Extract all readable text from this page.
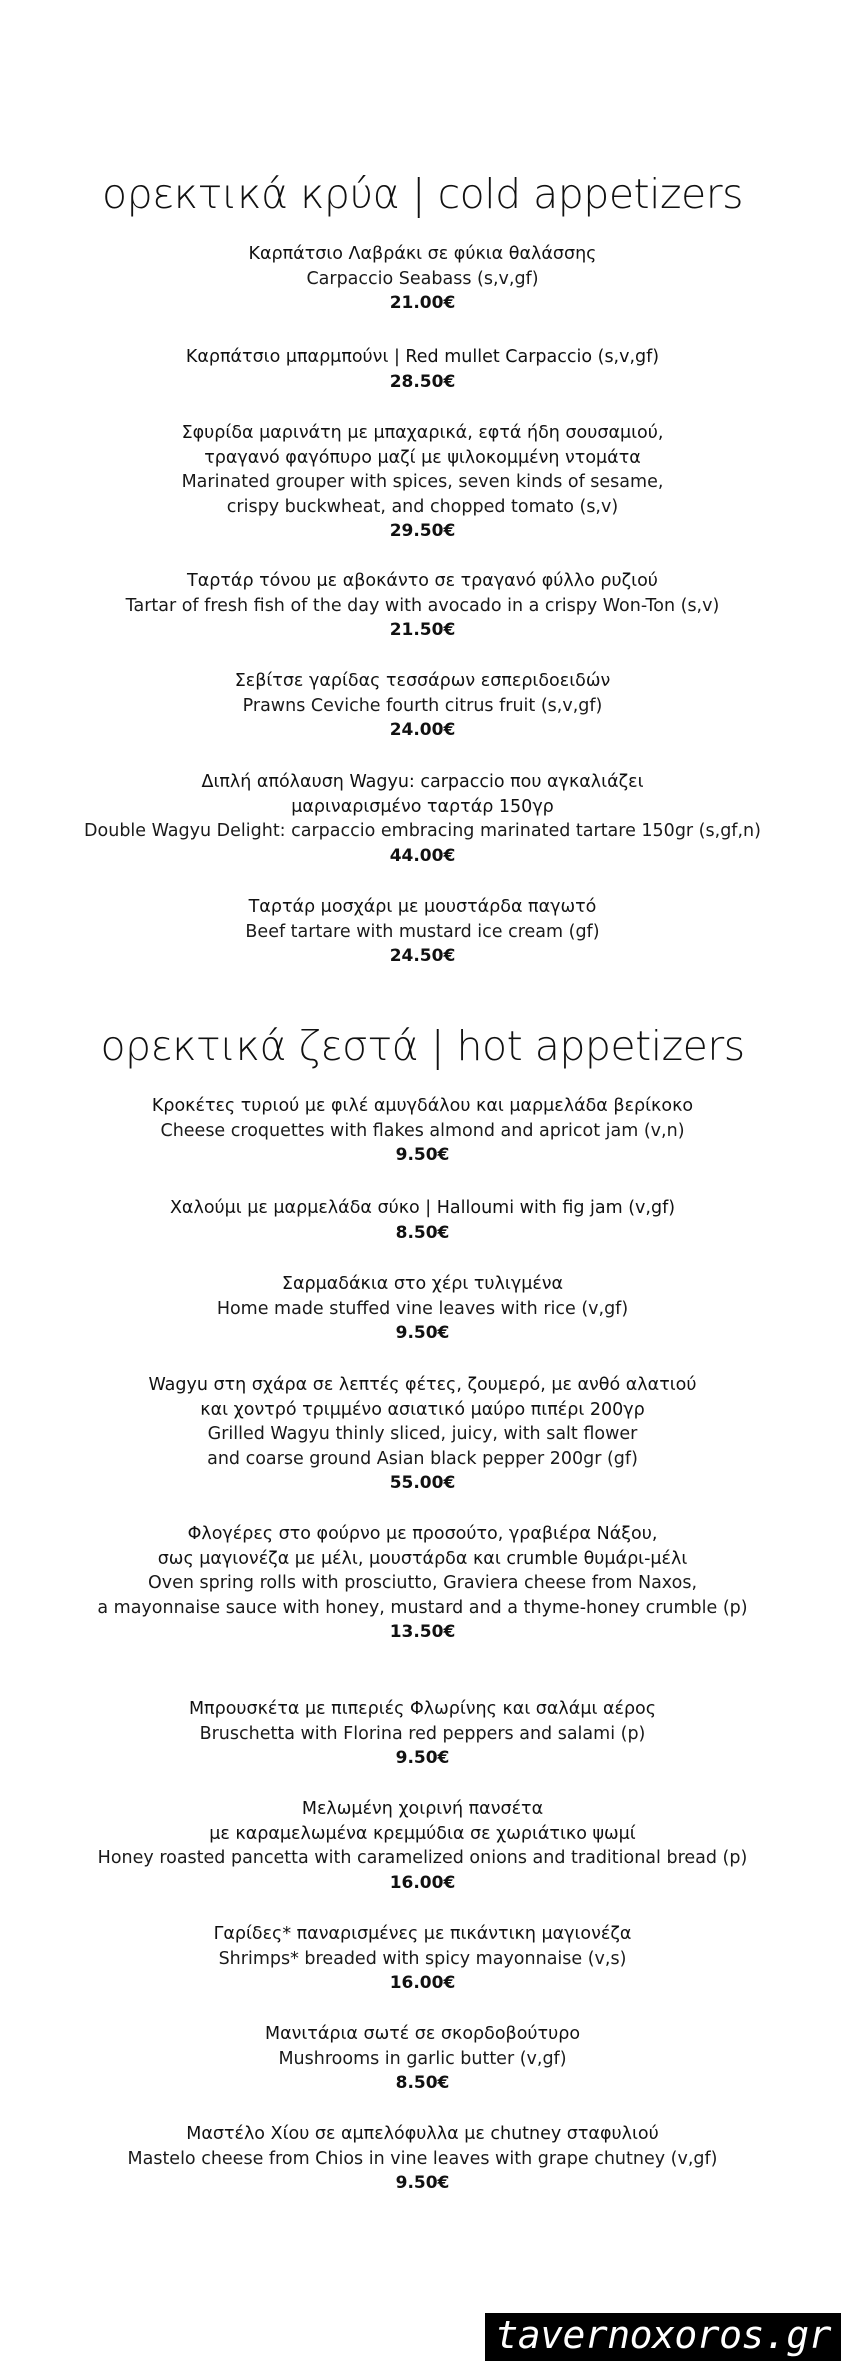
ορεκτικά κρύα | cold appetizers
Καρπάτσιο Λαβράκι σε φύκια θαλάσσης
Carpaccio Seabass (s,v,gf)
21.00€
Καρπάτσιο μπαρμπούνι | Red mullet Carpaccio (s,v,gf)
28.50€
Σφυρίδα μαρινάτη με μπαχαρικά, εφτά ήδη σουσαμιού,
τραγανό φαγόπυρο μαζί με ψιλοκομμένη ντομάτα
Marinated grouper with spices, seven kinds of sesame,
crispy buckwheat, and chopped tomato (s,v)
29.50€
Ταρτάρ τόνου με αβοκάντο σε τραγανό φύλλο ρυζιού
Tartar of fresh fish of the day with avocado in a crispy Won-Ton (s,v)
21.50€
Σεβίτσε γαρίδας τεσσάρων εσπεριδοειδών
Prawns Ceviche fourth citrus fruit (s,v,gf)
24.00€
Διπλή απόλαυση Wagyu: carpaccio που αγκαλιάζει
μαριναρισμένο ταρτάρ 150γρ
Double Wagyu Delight: carpaccio embracing marinated tartare 150gr (s,gf,n)
44.00€
Ταρτάρ μοσχάρι με μουστάρδα παγωτό
Beef tartare with mustard ice cream (gf)
24.50€
ορεκτικά ζεστά | hot appetizers
Κροκέτες τυριού με φιλέ αμυγδάλου και μαρμελάδα βερίκοκο
Cheese croquettes with flakes almond and apricot jam (v,n)
9.50€
Χαλούμι με μαρμελάδα σύκο | Halloumi with fig jam (v,gf)
8.50€
Σαρμαδάκια στο χέρι τυλιγμένα
Home made stuffed vine leaves with rice (v,gf)
9.50€
Wagyu στη σχάρα σε λεπτές φέτες, ζουμερό, με ανθό αλατιού
και χοντρό τριμμένο ασιατικό μαύρο πιπέρι 200γρ
Grilled Wagyu thinly sliced, juicy, with salt flower
and coarse ground Asian black pepper 200gr (gf)
55.00€
Φλογέρες στο φούρνο με προσούτο, γραβιέρα Νάξου,
σως μαγιονέζα με μέλι, μουστάρδα και crumble θυμάρι-μέλι
Oven spring rolls with prosciutto, Graviera cheese from Naxos,
a mayonnaise sauce with honey, mustard and a thyme-honey crumble (p)
13.50€
Μπρουσκέτα με πιπεριές Φλωρίνης και σαλάμι αέρος
Bruschetta with Florina red peppers and salami (p)
9.50€
Μελωμένη χοιρινή πανσέτα
με καραμελωμένα κρεμμύδια σε χωριάτικο ψωμί
Honey roasted pancetta with caramelized onions and traditional bread (p)
16.00€
Γαρίδες* παναρισμένες με πικάντικη μαγιονέζα
Shrimps* breaded with spicy mayonnaise (v,s)
16.00€
Μανιτάρια σωτέ σε σκορδοβούτυρο
Mushrooms in garlic butter (v,gf)
8.50€
Μαστέλο Χίου σε αμπελόφυλλα με chutney σταφυλιού
Mastelo cheese from Chios in vine leaves with grape chutney (v,gf)
9.50€
tavernoxoros.gr
